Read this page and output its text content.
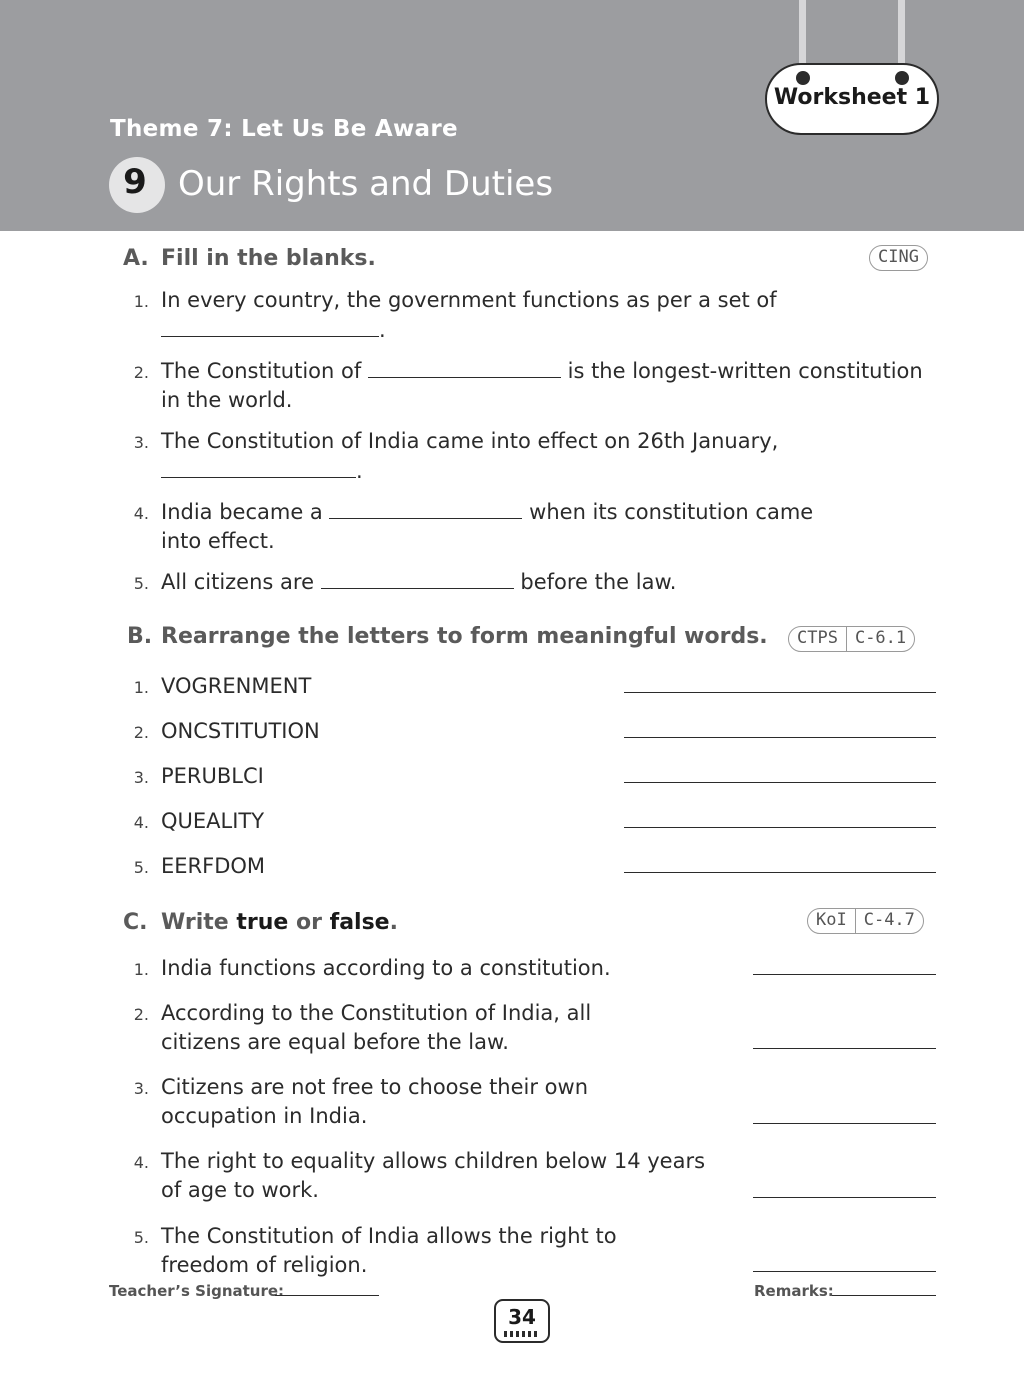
Worksheet 1
Theme 7: Let Us Be Aware
9 Our Rights and Duties
A. Fill in the blanks.	CING
1. In every country, the government functions as per a set of
.
2. The Constitution of	is the longest-written constitution
in the world.
3. The Constitution of India came into effect on 26th January,
.
4. India became a	when its constitution came
into effect.
5. All citizens are	before the law.
B. Rearrange the letters to form meaningful words.	CTPS	C-6.1
1. VOGRENMENT
2. ONCSTITUTION
3. PERUBLCI
4. QUEALITY
5. EERFDOM
C. Write true or false.	KoI	C-4.7
1. India functions according to a constitution.
2. According to the Constitution of India, all
citizens are equal before the law.
3. Citizens are not free to choose their own
occupation in India.
4. The right to equality allows children below 14 years
of age to work.
5. The Constitution of India allows the right to
freedom of religion.
Teacher’s Signature:	Remarks:
34
